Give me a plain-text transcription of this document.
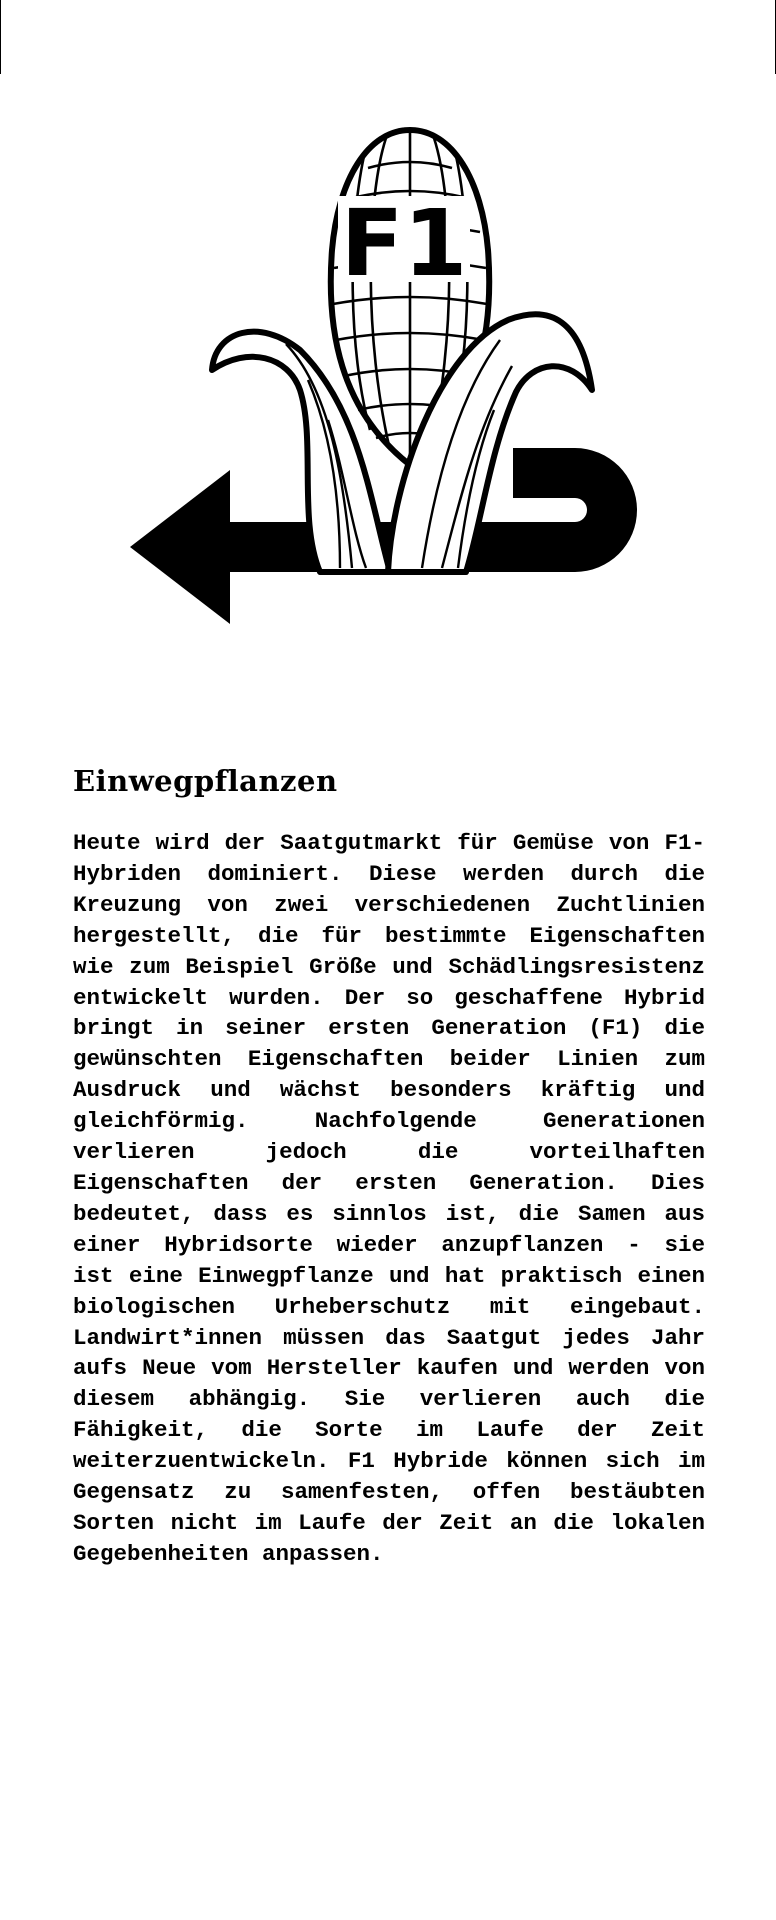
F1
Einwegpflanzen

Heute wird der Saatgutmarkt für Gemüse von F1-Hybriden dominiert. Diese werden durch die Kreuzung von zwei verschiedenen Zuchtlinien hergestellt, die für bestimmte Eigenschaften wie zum Beispiel Größe und Schädlingsresistenz entwickelt wurden. Der so geschaffene Hybrid bringt in seiner ersten Generation (F1) die gewünschten Eigenschaften beider Linien zum Ausdruck und wächst besonders kräftig und gleichförmig. Nachfolgende Generationen verlieren jedoch die vorteilhaften Eigenschaften der ersten Generation. Dies bedeutet, dass es sinnlos ist, die Samen aus einer Hybridsorte wieder anzupflanzen - sie ist eine Einwegpflanze und hat praktisch einen biologischen Urheberschutz mit eingebaut. Landwirt*innen müssen das Saatgut jedes Jahr aufs Neue vom Hersteller kaufen und werden von diesem abhängig. Sie verlieren auch die Fähigkeit, die Sorte im Laufe der Zeit weiterzuentwickeln. F1 Hybride können sich im Gegensatz zu samenfesten, offen bestäubten Sorten nicht im Laufe der Zeit an die lokalen Gegebenheiten anpassen.
